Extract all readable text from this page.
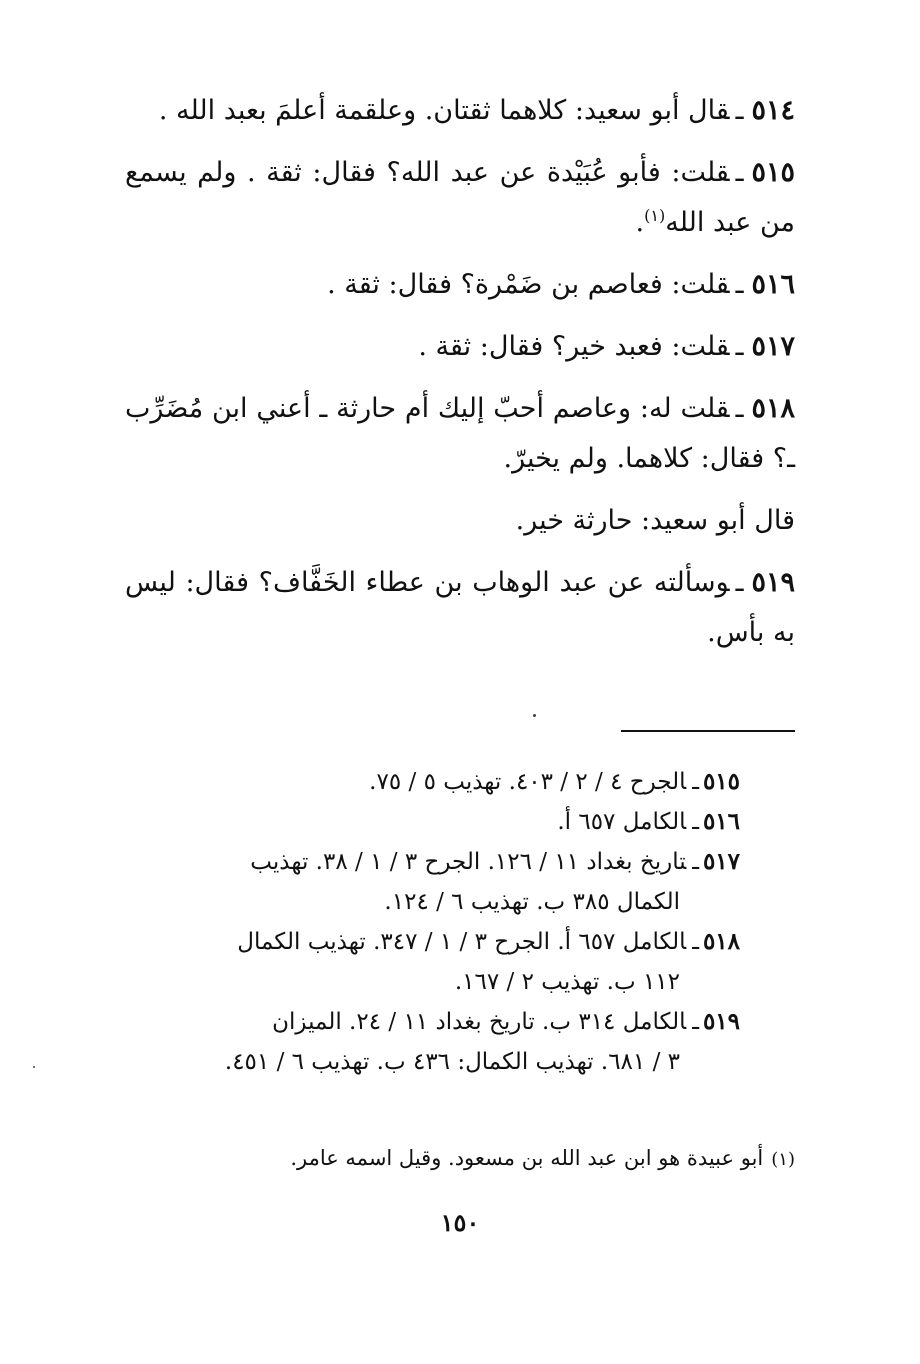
٥١٤ـقال أبو سعيد: كلاهما ثقتان. وعلقمة أعلمَ بعبد الله .

٥١٥ـقلت: فأبو عُبَيْدة عن عبد الله؟ فقال: ثقة . ولم يسمع من عبد الله$^{(١)}$.

٥١٦ـقلت: فعاصم بن ضَمْرة؟ فقال: ثقة .

٥١٧ـقلت: فعبد خير؟ فقال: ثقة .

٥١٨ـقلت له: وعاصم أحبّ إليك أم حارثة ـ أعني ابن مُضَرِّب ـ؟ فقال: كلاهما. ولم يخيرّ.

قال أبو سعيد: حارثة خير.

٥١٩ـوسألته عن عبد الوهاب بن عطاء الخَفَّاف؟ فقال: ليس به بأس.

٥١٥ـالجرح ٤ / ٢ / ٤٠٣. تهذيب ٥ / ٧٥.

٥١٦ـالكامل ٦٥٧ أ.

٥١٧ـتاريخ بغداد ١١ / ١٢٦. الجرح ٣ / ١ / ٣٨. تهذيب
الكمال ٣٨٥ ب. تهذيب ٦ / ١٢٤.

٥١٨ـالكامل ٦٥٧ أ. الجرح ٣ / ١ / ٣٤٧. تهذيب الكمال
١١٢ ب. تهذيب ٢ / ١٦٧.

٥١٩ـالكامل ٣١٤ ب. تاريخ بغداد ١١ / ٢٤. الميزان
٣ / ٦٨١. تهذيب الكمال: ٤٣٦ ب. تهذيب ٦ / ٤٥١.

(١)أبو عبيدة هو ابن عبد الله بن مسعود. وقيل اسمه عامر.
١٥٠
